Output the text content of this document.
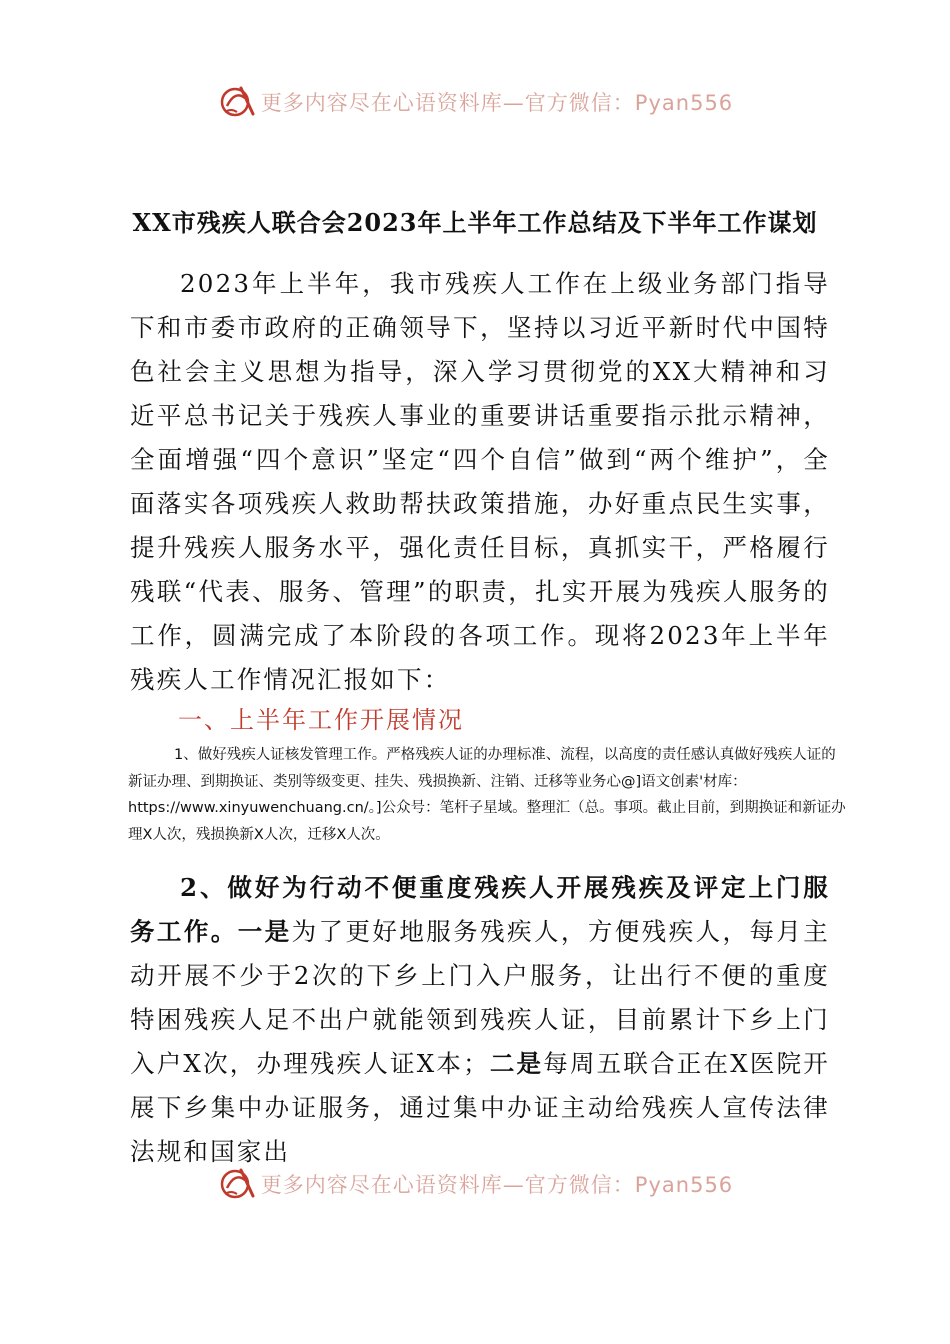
更多内容尽在心语资料库—官方微信：Pyan556
XX市残疾人联合会2023年上半年工作总结及下半年工作谋划
2023年上半年，我市残疾人工作在上级业务部门指导下和市委市政府的正确领导下，坚持以习近平新时代中国特色社会主义思想为指导，深入学习贯彻党的XX大精神和习近平总书记关于残疾人事业的重要讲话重要指示批示精神，全面增强“四个意识”坚定“四个自信”做到“两个维护”，全面落实各项残疾人救助帮扶政策措施，办好重点民生实事，提升残疾人服务水平，强化责任目标，真抓实干，严格履行残联“代表、服务、管理”的职责，扎实开展为残疾人服务的工作，圆满完成了本阶段的各项工作。现将2023年上半年残疾人工作情况汇报如下：
一、上半年工作开展情况
1、做好残疾人证核发管理工作。严格残疾人证的办理标准、流程，以高度的责任感认真做好残疾人证的新证办理、到期换证、类别等级变更、挂失、残损换新、注销、迁移等业务心@]语文创素'材库：https://www.xinyuwenchuang.cn/。]公众号：笔杆子星域。整理汇（总。事项。截止目前，到期换证和新证办理X人次，残损换新X人次，迁移X人次。
2、做好为行动不便重度残疾人开展残疾及评定上门服务工作。一是为了更好地服务残疾人，方便残疾人，每月主动开展不少于2次的下乡上门入户服务，让出行不便的重度特困残疾人足不出户就能领到残疾人证，目前累计下乡上门入户X次，办理残疾人证X本；二是每周五联合正在X医院开展下乡集中办证服务，通过集中办证主动给残疾人宣传法律法规和国家出
更多内容尽在心语资料库—官方微信：Pyan556
